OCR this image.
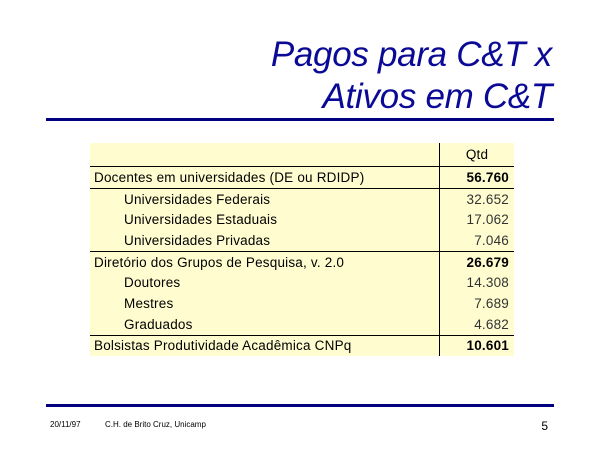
Pagos para C&T x
Ativos em C&T
Qtd
Docentes em universidades (DE ou RDIDP)	56.760
Universidades Federais	32.652
Universidades Estaduais	17.062
Universidades Privadas	7.046
Diretório dos Grupos de Pesquisa, v. 2.0	26.679
Doutores	14.308
Mestres	7.689
Graduados	4.682
Bolsistas Produtividade Acadêmica CNPq	10.601
20/11/97	C.H. de Brito Cruz, Unicamp	5
